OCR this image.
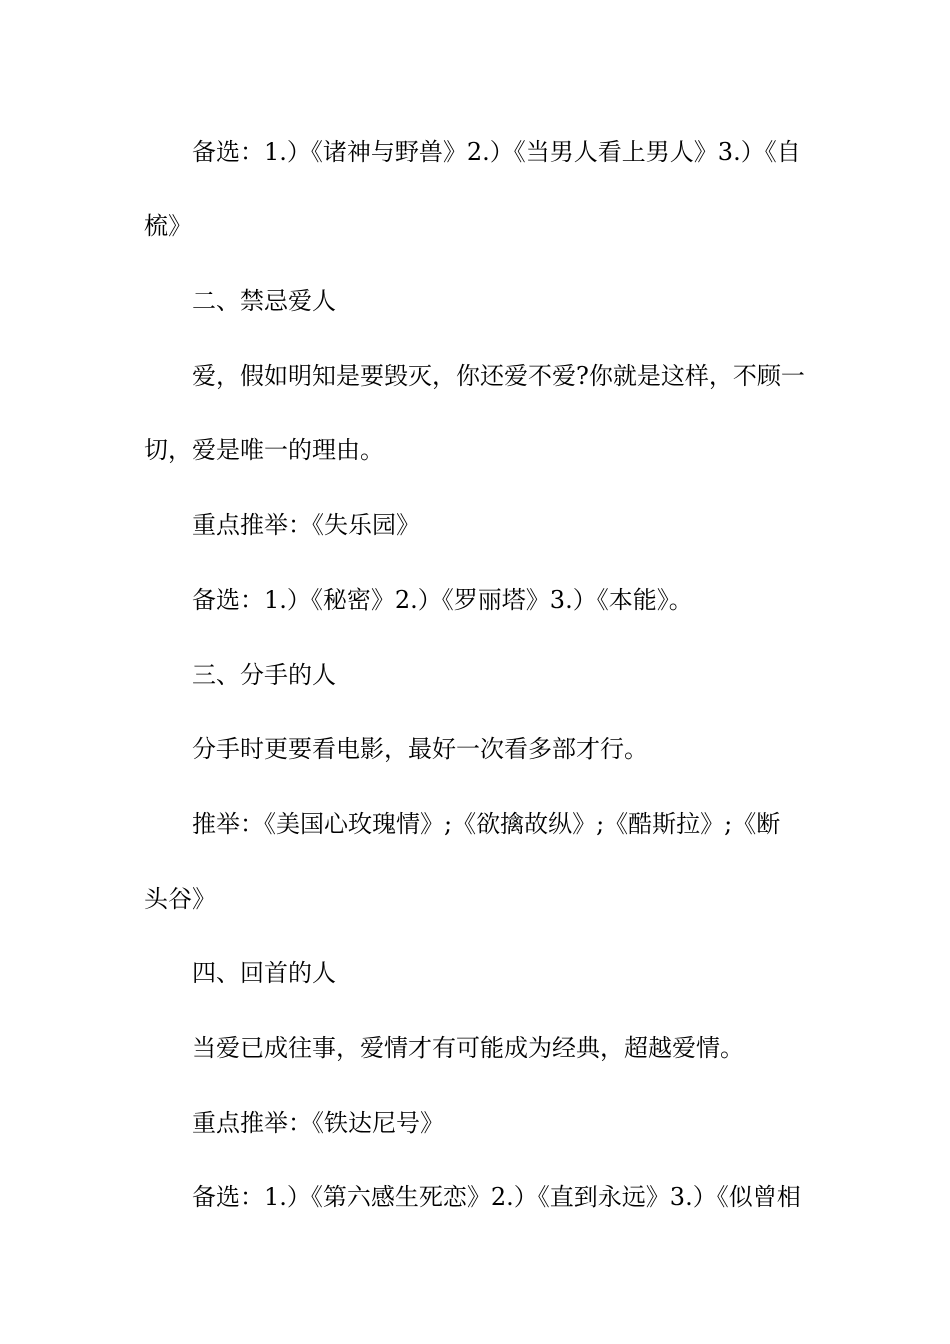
备选：1.）《诸神与野兽》2.）《当男人看上男人》3.）《自
梳》
二、禁忌爱人
爱，假如明知是要毁灭，你还爱不爱?你就是这样，不顾一
切，爱是唯一的理由。
重点推举：《失乐园》
备选：1.）《秘密》2.）《罗丽塔》3.）《本能》。
三、分手的人
分手时更要看电影，最好一次看多部才行。
推举：《美国心玫瑰情》;《欲擒故纵》;《酷斯拉》;《断
头谷》
四、回首的人
当爱已成往事，爱情才有可能成为经典，超越爱情。
重点推举：《铁达尼号》
备选：1.）《第六感生死恋》2.）《直到永远》3.）《似曾相
